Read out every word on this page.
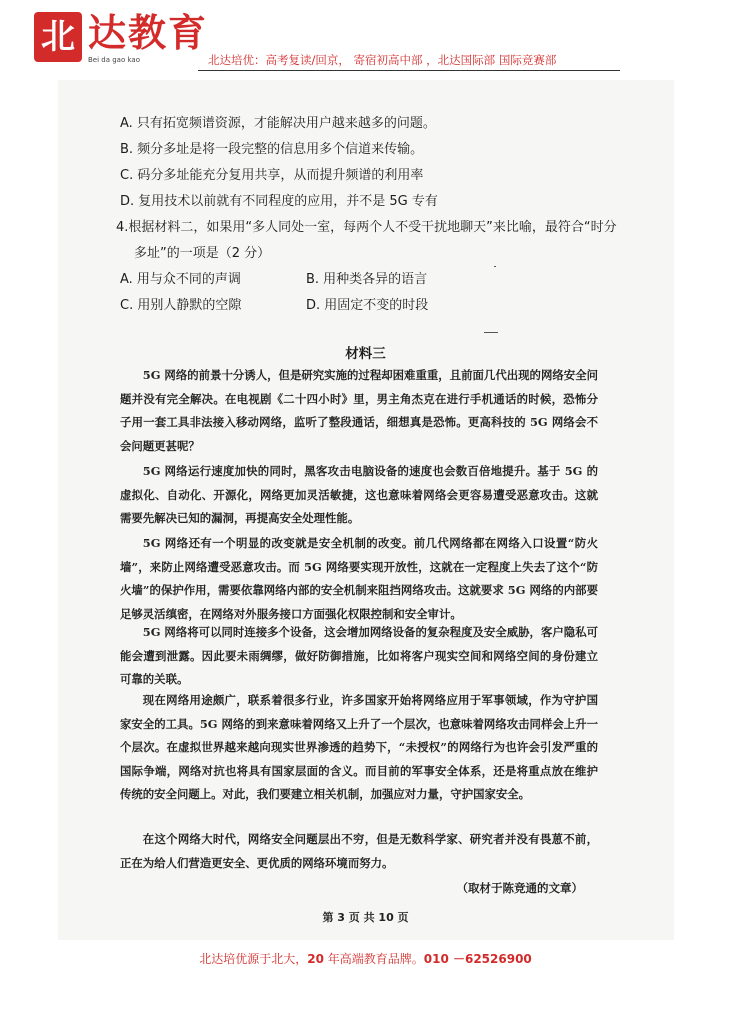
北 达教育
Bei da gao kao	北达培优：高考复读/回京， 寄宿初高中部 ，北达国际部 国际竞赛部
A. 只有拓宽频谱资源，才能解决用户越来越多的问题。
B. 频分多址是将一段完整的信息用多个信道来传输。
C. 码分多址能充分复用共享，从而提升频谱的利用率
D. 复用技术以前就有不同程度的应用，并不是 5G 专有
4.根据材料二，如果用“多人同处一室，每两个人不受干扰地聊天”来比喻，最符合“时分
多址”的一项是（2 分）
A. 用与众不同的声调	B. 用种类各异的语言
C. 用别人静默的空隙	D. 用固定不变的时段
材料三
5G 网络的前景十分诱人，但是研究实施的过程却困难重重，且前面几代出现的网络安全问题并没有完全解决。在电视剧《二十四小时》里，男主角杰克在进行手机通话的时候，恐怖分子用一套工具非法接入移动网络，监听了整段通话，细想真是恐怖。更高科技的 5G 网络会不会问题更甚呢？
5G 网络运行速度加快的同时，黑客攻击电脑设备的速度也会数百倍地提升。基于 5G 的虚拟化、自动化、开源化，网络更加灵活敏捷，这也意味着网络会更容易遭受恶意攻击。这就需要先解决已知的漏洞，再提高安全处理性能。
5G 网络还有一个明显的改变就是安全机制的改变。前几代网络都在网络入口设置“防火墙”，来防止网络遭受恶意攻击。而 5G 网络要实现开放性，这就在一定程度上失去了这个“防火墙”的保护作用，需要依靠网络内部的安全机制来阻挡网络攻击。这就要求 5G 网络的内部要足够灵活缜密，在网络对外服务接口方面强化权限控制和安全审计。
5G 网络将可以同时连接多个设备，这会增加网络设备的复杂程度及安全威胁，客户隐私可能会遭到泄露。因此要未雨绸缪，做好防御措施，比如将客户现实空间和网络空间的身份建立可靠的关联。
现在网络用途颇广，联系着很多行业，许多国家开始将网络应用于军事领域，作为守护国家安全的工具。5G 网络的到来意味着网络又上升了一个层次，也意味着网络攻击同样会上升一个层次。在虚拟世界越来越向现实世界渗透的趋势下，“未授权”的网络行为也许会引发严重的国际争端，网络对抗也将具有国家层面的含义。而目前的军事安全体系，还是将重点放在维护传统的安全问题上。对此，我们要建立相关机制，加强应对力量，守护国家安全。
在这个网络大时代，网络安全问题层出不穷，但是无数科学家、研究者并没有畏葸不前，正在为给人们营造更安全、更优质的网络环境而努力。
（取材于陈竞通的文章）
第 3 页 共 10 页
北达培优源于北大，20 年高端教育品牌。010 －62526900
